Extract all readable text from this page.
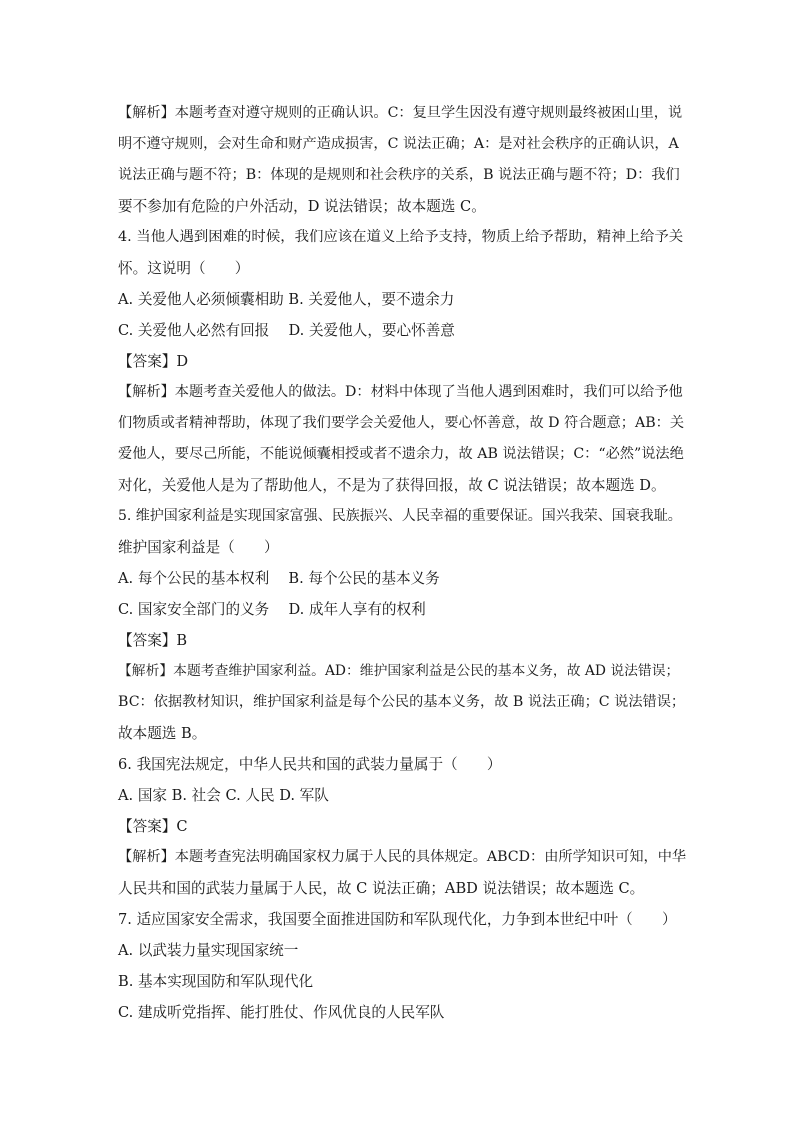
【解析】本题考查对遵守规则的正确认识。C：复旦学生因没有遵守规则最终被困山里，说
明不遵守规则，会对生命和财产造成损害，C 说法正确；A：是对社会秩序的正确认识，A
说法正确与题不符；B：体现的是规则和社会秩序的关系，B 说法正确与题不符；D：我们
要不参加有危险的户外活动，D 说法错误；故本题选 C。
4. 当他人遇到困难的时候，我们应该在道义上给予支持，物质上给予帮助，精神上给予关
怀。这说明（　　）
A. 关爱他人必须倾囊相助 B. 关爱他人，要不遗余力
C. 关爱他人必然有回报　 D. 关爱他人，要心怀善意
【答案】D
【解析】本题考查关爱他人的做法。D：材料中体现了当他人遇到困难时，我们可以给予他
们物质或者精神帮助，体现了我们要学会关爱他人，要心怀善意，故 D 符合题意；AB：关
爱他人，要尽己所能，不能说倾囊相授或者不遗余力，故 AB 说法错误；C：“必然”说法绝
对化，关爱他人是为了帮助他人，不是为了获得回报，故 C 说法错误；故本题选 D。
5. 维护国家利益是实现国家富强、民族振兴、人民幸福的重要保证。国兴我荣、国衰我耻。
维护国家利益是（　　）
A. 每个公民的基本权利　 B. 每个公民的基本义务
C. 国家安全部门的义务　 D. 成年人享有的权利
【答案】B
【解析】本题考查维护国家利益。AD：维护国家利益是公民的基本义务，故 AD 说法错误；
BC：依据教材知识，维护国家利益是每个公民的基本义务，故 B 说法正确；C 说法错误；
故本题选 B。
6. 我国宪法规定，中华人民共和国的武装力量属于（　　）
A. 国家 B. 社会 C. 人民 D. 军队
【答案】C
【解析】本题考查宪法明确国家权力属于人民的具体规定。ABCD：由所学知识可知，中华
人民共和国的武装力量属于人民，故 C 说法正确；ABD 说法错误；故本题选 C。
7. 适应国家安全需求，我国要全面推进国防和军队现代化，力争到本世纪中叶（　　）
A. 以武装力量实现国家统一
B. 基本实现国防和军队现代化
C. 建成听党指挥、能打胜仗、作风优良的人民军队
